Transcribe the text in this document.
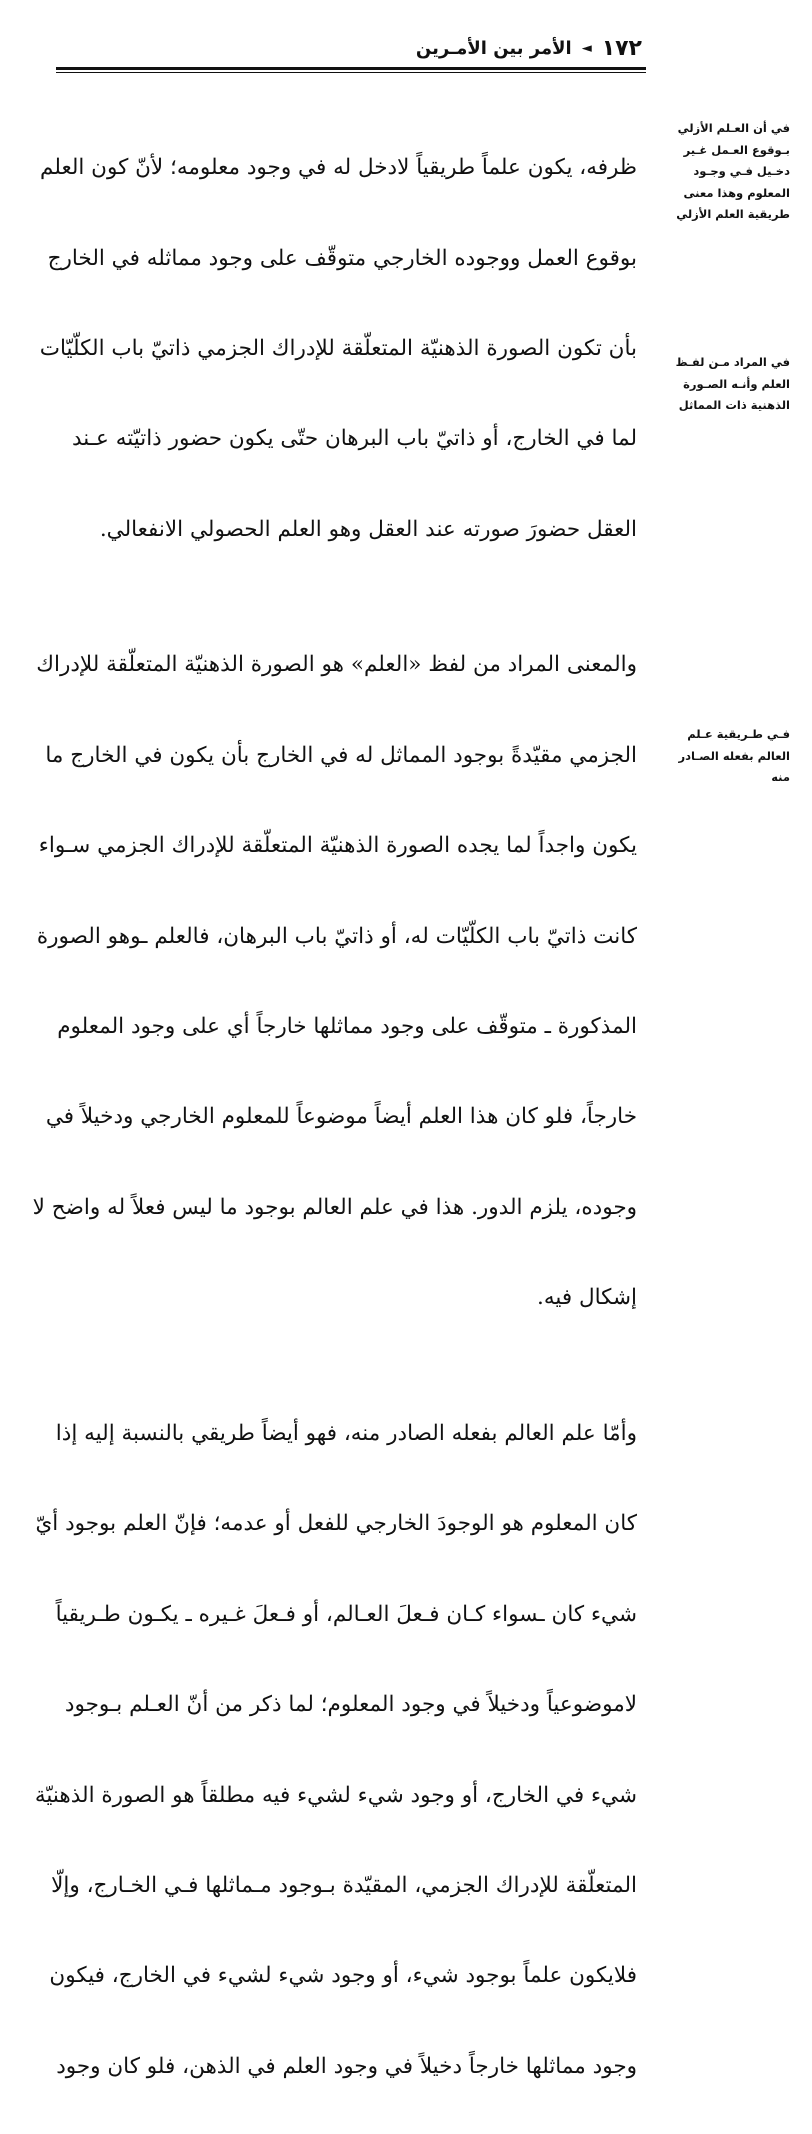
١٧٢
◄
الأمر بين الأمـرين
في أن العـلم الأزلي
بـوقوع العـمل غـير
دخـيل فـي وجـود
المعلوم وهذا معنى
طريقية العلم الأزلي
في المراد مـن لفـظ
العلم وأنـه الصـورة
الذهنية ذات المماثل
فـي طـريقية عـلم
العالم بفعله الصـادر
منه

ظرفه، يكون علماً طريقياً لادخل له في وجود معلومه؛ لأنّ كون العلم

بوقوع العمل ووجوده الخارجي متوقّف على وجود مماثله في الخارج

بأن تكون الصورة الذهنيّة المتعلّقة للإدراك الجزمي ذاتيّ باب الكلّيّات

لما في الخارج، أو ذاتيّ باب البرهان حتّى يكون حضور ذاتيّته عـند

العقل حضورَ صورته عند العقل وهو العلم الحصولي الانفعالي.

والمعنى المراد من لفظ «العلم» هو الصورة الذهنيّة المتعلّقة للإدراك

الجزمي مقيّدةً بوجود المماثل له في الخارج بأن يكون في الخارج ما

يكون واجداً لما يجده الصورة الذهنيّة المتعلّقة للإدراك الجزمي سـواء

كانت ذاتيّ باب الكلّيّات له، أو ذاتيّ باب البرهان، فالعلم ـوهو الصورة

المذكورة ـ متوقّف على وجود مماثلها خارجاً أي على وجود المعلوم

خارجاً، فلو كان هذا العلم أيضاً موضوعاً للمعلوم الخارجي ودخيلاً في

وجوده، يلزم الدور. هذا في علم العالم بوجود ما ليس فعلاً له واضح لا

إشكال فيه.

وأمّا علم العالم بفعله الصادر منه، فهو أيضاً طريقي بالنسبة إليه إذا

كان المعلوم هو الوجودَ الخارجي للفعل أو عدمه؛ فإنّ العلم بوجود أيّ

شيء كان ـسواء كـان فـعلَ العـالم، أو فـعلَ غـيره ـ يكـون طـريقياً

لاموضوعياً ودخيلاً في وجود المعلوم؛ لما ذكر من أنّ العـلم بـوجود

شيء في الخارج، أو وجود شيء لشيء فيه مطلقاً هو الصورة الذهنيّة

المتعلّقة للإدراك الجزمي، المقيّدة بـوجود مـماثلها فـي الخـارج، وإلّا

فلايكون علماً بوجود شيء، أو وجود شيء لشيء في الخارج، فيكون

وجود مماثلها خارجاً دخيلاً في وجود العلم في الذهن، فلو كان وجود
